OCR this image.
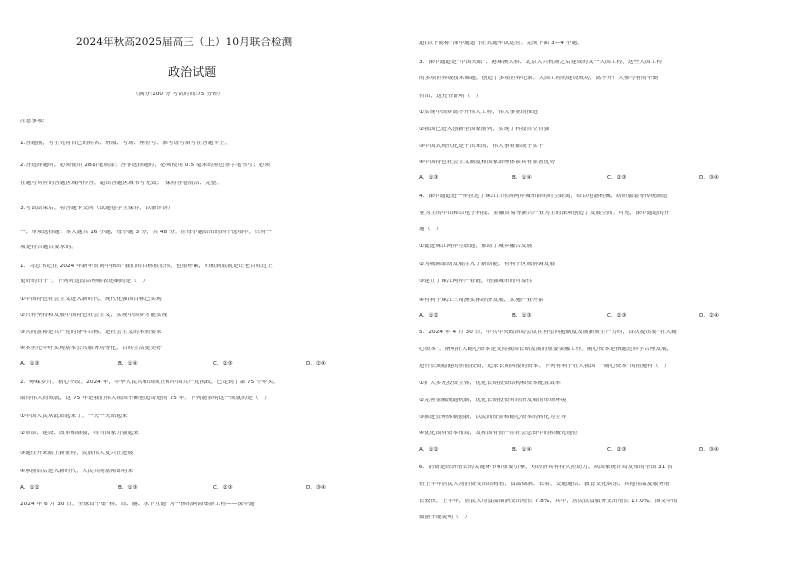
2024年秋高2025届高三（上）10月联合检测
政治试题
（满分:100 分 考试时间:75 分钟）
注意事项:
1.答题前，考生先将自己的姓名、班级、考场、座位号、准考证号填写在答题卡上。
2.答选择题时，必须使用 2B铅笔填涂；答非选择题时，必须使用 0.5 毫米的黑色签字笔书写；必须
在题号对应的答题区域内作答，超出答题区域书写无效；　保持答卷清洁、完整。
3.考试结束后，将答题卡交回（试题卷学生保存，以备评讲）
一、单项选择题：本大题共 16 小题，每小题 3 分，共 48 分。在每小题给出的四个选项中，只有一
项是符合题目要求的。
1．习总书记在 2024 年新年贺词中指出“我们的目标很宏伟，也很朴素，归根到底就是让老百姓过上
更好的日子”。下列对这段话理解表述确的是（　）
①中国特色社会主义进入新时代，现代化强国目标已实现
②只有坚持和发展中国特色社会主义，实现中国梦才能实现
③共同富裕是共产党的奋斗目标，是社会主义的本质要求
④本世纪中叶实现基本公共服务均等化，百姓生活更美好
A．①③	B．①④	C．②③	D．②④
2．峥嵘岁月，初心不改。2024 年，中华人民共和国成立和中国共产党执政，已走到了第 75 个年头。
取得伟大的成就，这 75 年是我们伟大祖国不断创造奇迹的 75 年。下列能表明这一成就的是（　）
①中国人民从此站起来了，一天一天站起来
②革命、建设、改革相继接，终当国家力强起来
③通往开来踏上新征程，民族伟大复兴正进展
④承前启后进入新时代，人民共同富裕即将来
A．①②	B．①③	C．②③	D．③④
2024 年 6 月 30 日，全球首个集“桥、岛、隧、水下互通”为一体的跨海集群工程——深中通
道(以下简称“深中通道”)正式通车试运营。完成下面 3—4 小题。
3．深中通道是“中国天眼”、港珠澳大桥、北京大兴机场之后建成的又一大国工程，这些大国工程
的多项世界级技术难题，创造了多项世界纪录。大国工程的建设成功，离不开广大参与者的辛勤
付出，这充分证明（　）
①实现中国梦离不开伟大工程，伟大事业的推进
②我国已进入创新型国家前列，实现了科技自立自强
③中国式现代化是干出来的，伟大事业都成于实干
④中国特色社会主义制度和国家治理体系具有显著优势
A．①③	B．①④	C．②③	D．③④
4．深中通道进一步拉近了珠江口东西两岸城市群的时空距离，给以电器机械、纺织服装等传统制造
业为主的中山和以电子科技、金融贸易等新兴产业为主的深圳创造了发展空间。可见，深中通道的开
通（　）
①促进珠江两岸互联通，推动了城乡融合发展
②为城际联动发展注入了新动能，有利于区域协调发展
③建立了珠江两岸产业链，增强城市间可靠性
④有利于珠江三角洲实体经济发展，实施产业升系
A．①②	B．①③	C．②③	D．②④
5．2024 年 4 月 30 日，中共中央政治局会议在有望回抱制度发展新质生产力时，首次提出要“壮大耐
心资本”，指明壮大耐心资本是支持我国长期发展的重要金融工作。耐心资本是指通过科学合理发展，
进行长期稳健的价值投资，追求长期回报的资本。下列有利于壮大我国　“耐心资本”的措施有（　）
①扩大多元投资主体，优化长期投资结构和资本配置效率
②完善金融流通机制，优化长期投资对经济发展的市场环境
③推进管理体制创新，以民间资金和耐心资本的转化为主导
④优化国有资本布局，发挥国有资产在社会总资中的积极先地位
A．①②	B．①④	C．②③	D．③④
6．消费是经济增长的关键环节和重要引擎，对经济具有持久拉动力。从国家统计局发布的全国 31 省
份上半年居民人均消费支出结构看，食品烟酒、衣着、交通通信、教育文化娱乐、其他用品及服务增
长较快。上半年，居民人均食品烟酒支出增长 7.8%，其中，居民饮食服务支出增长 17.0%。图文中的
数据不能说明（　）
